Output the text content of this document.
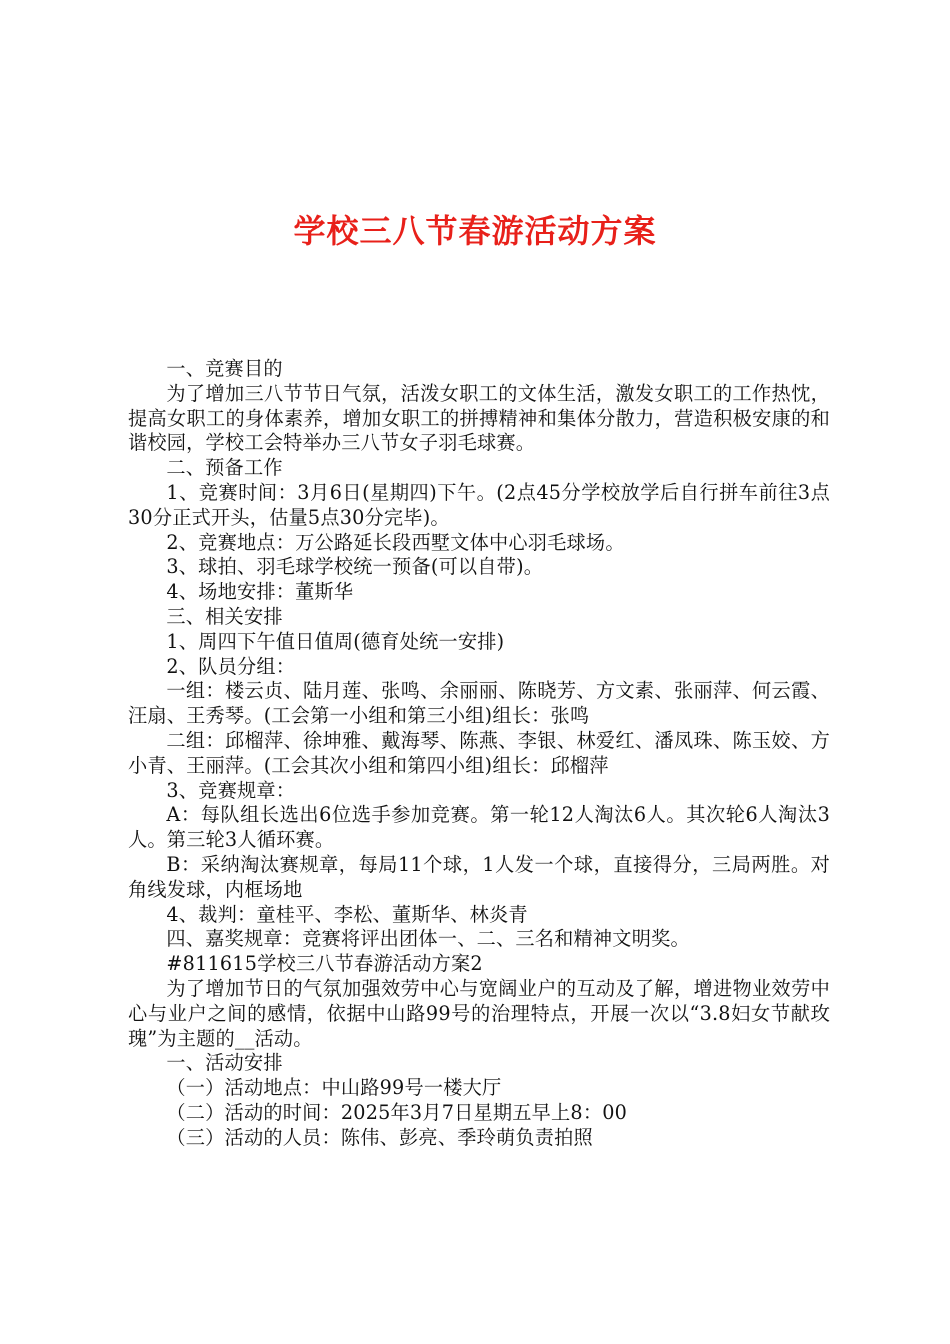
学校三八节春游活动方案

一、竞赛目的

为了增加三八节节日气氛，活泼女职工的文体生活，激发女职工的工作热忱，提高女职工的身体素养，增加女职工的拼搏精神和集体分散力，营造积极安康的和谐校园，学校工会特举办三八节女子羽毛球赛。

二、预备工作

1、竞赛时间：3月6日(星期四)下午。(2点45分学校放学后自行拼车前往3点30分正式开头，估量5点30分完毕)。

2、竞赛地点：万公路延长段西墅文体中心羽毛球场。

3、球拍、羽毛球学校统一预备(可以自带)。

4、场地安排：董斯华

三、相关安排

1、周四下午值日值周(德育处统一安排)

2、队员分组：

一组：楼云贞、陆月莲、张鸣、余丽丽、陈晓芳、方文素、张丽萍、何云霞、汪扇、王秀琴。(工会第一小组和第三小组)组长：张鸣

二组：邱榴萍、徐坤雅、戴海琴、陈燕、李银、林爱红、潘凤珠、陈玉姣、方小青、王丽萍。(工会其次小组和第四小组)组长：邱榴萍

3、竞赛规章：

A：每队组长选出6位选手参加竞赛。第一轮12人淘汰6人。其次轮6人淘汰3人。第三轮3人循环赛。

B：采纳淘汰赛规章，每局11个球，1人发一个球，直接得分，三局两胜。对角线发球，内框场地

4、裁判：童桂平、李松、董斯华、林炎青

四、嘉奖规章：竞赛将评出团体一、二、三名和精神文明奖。

#811615学校三八节春游活动方案2

为了增加节日的气氛加强效劳中心与宽阔业户的互动及了解，增进物业效劳中心与业户之间的感情，依据中山路99号的治理特点，开展一次以“3.8妇女节献玫瑰”为主题的__活动。

一、活动安排

（一）活动地点：中山路99号一楼大厅

（二）活动的时间：2025年3月7日星期五早上8：00

（三）活动的人员：陈伟、彭亮、季玲萌负责拍照
